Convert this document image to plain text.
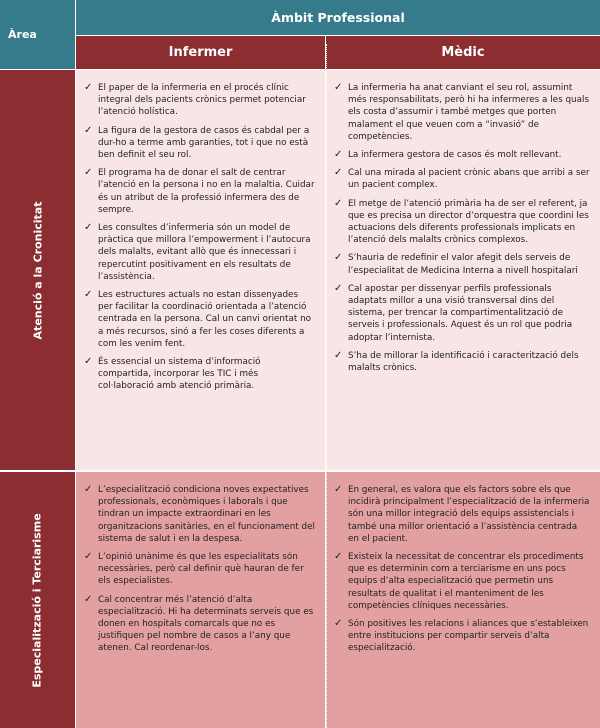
Àrea
Àmbit Professional
Infermer	Mèdic
Atenció a la Cronicitat
✓ El paper de la infermeria en el procés clínic integral dels pacients crònics permet potenciar l’atenció holística.
✓ La figura de la gestora de casos és cabdal per a dur-ho a terme amb garanties, tot i que no està ben definit el seu rol.
✓ El programa ha de donar el salt de centrar l’atenció en la persona i no en la malaltia. Cuidar és un atribut de la professió infermera des de sempre.
✓ Les consultes d’infermeria són un model de pràctica que millora l’empowerment i l’autocura dels malalts, evitant allò que és innecessari i repercutint positivament en els resultats de l’assistència.
✓ Les estructures actuals no estan dissenyades per facilitar la coordinació orientada a l’atenció centrada en la persona. Cal un canvi orientat no a més recursos, sinó a fer les coses diferents a com les venim fent.
✓ És essencial un sistema d’informació compartida, incorporar les TIC i més col·laboració amb atenció primària.
✓ La infermeria ha anat canviant el seu rol, assumint més responsabilitats, però hi ha infermeres a les quals els costa d’assumir i també metges que porten malament el que veuen com a “invasió” de competències.
✓ La infermera gestora de casos és molt rellevant.
✓ Cal una mirada al pacient crònic abans que arribi a ser un pacient complex.
✓ El metge de l’atenció primària ha de ser el referent, ja que es precisa un director d’orquestra que coordini les actuacions dels diferents professionals implicats en l’atenció dels malalts crònics complexos.
✓ S’hauria de redefinir el valor afegit dels serveis de l’especialitat de Medicina Interna a nivell hospitalari
✓ Cal apostar per dissenyar perfils professionals adaptats millor a una visió transversal dins del sistema, per trencar la compartimentalització de serveis i professionals. Aquest és un rol que podria adoptar l’internista.
✓ S’ha de millorar la identificació i caracterització dels malalts crònics.
Especialització i Terciarisme
✓ L’especialització condiciona noves expectatives professionals, econòmiques i laborals i que tindran un impacte extraordinari en les organitzacions sanitàries, en el funcionament del sistema de salut i en la despesa.
✓ L’opinió unànime és que les especialitats són necessàries, però cal definir què hauran de fer els especialistes.
✓ Cal concentrar més l’atenció d’alta especialització. Hi ha determinats serveis que es donen en hospitals comarcals que no es justifiquen pel nombre de casos a l’any que atenen. Cal reordenar-los.
✓ En general, es valora que els factors sobre els que incidirà principalment l’especialització de la infermeria són una millor integració dels equips assistencials i també una millor orientació a l’assistència centrada en el pacient.
✓ Existeix la necessitat de concentrar els procediments que es determinin com a terciarisme en uns pocs equips d’alta especialització que permetin uns resultats de qualitat i el manteniment de les competències clíniques necessàries.
✓ Són positives les relacions i aliances que s’estableixen entre institucions per compartir serveis d’alta especialització.
